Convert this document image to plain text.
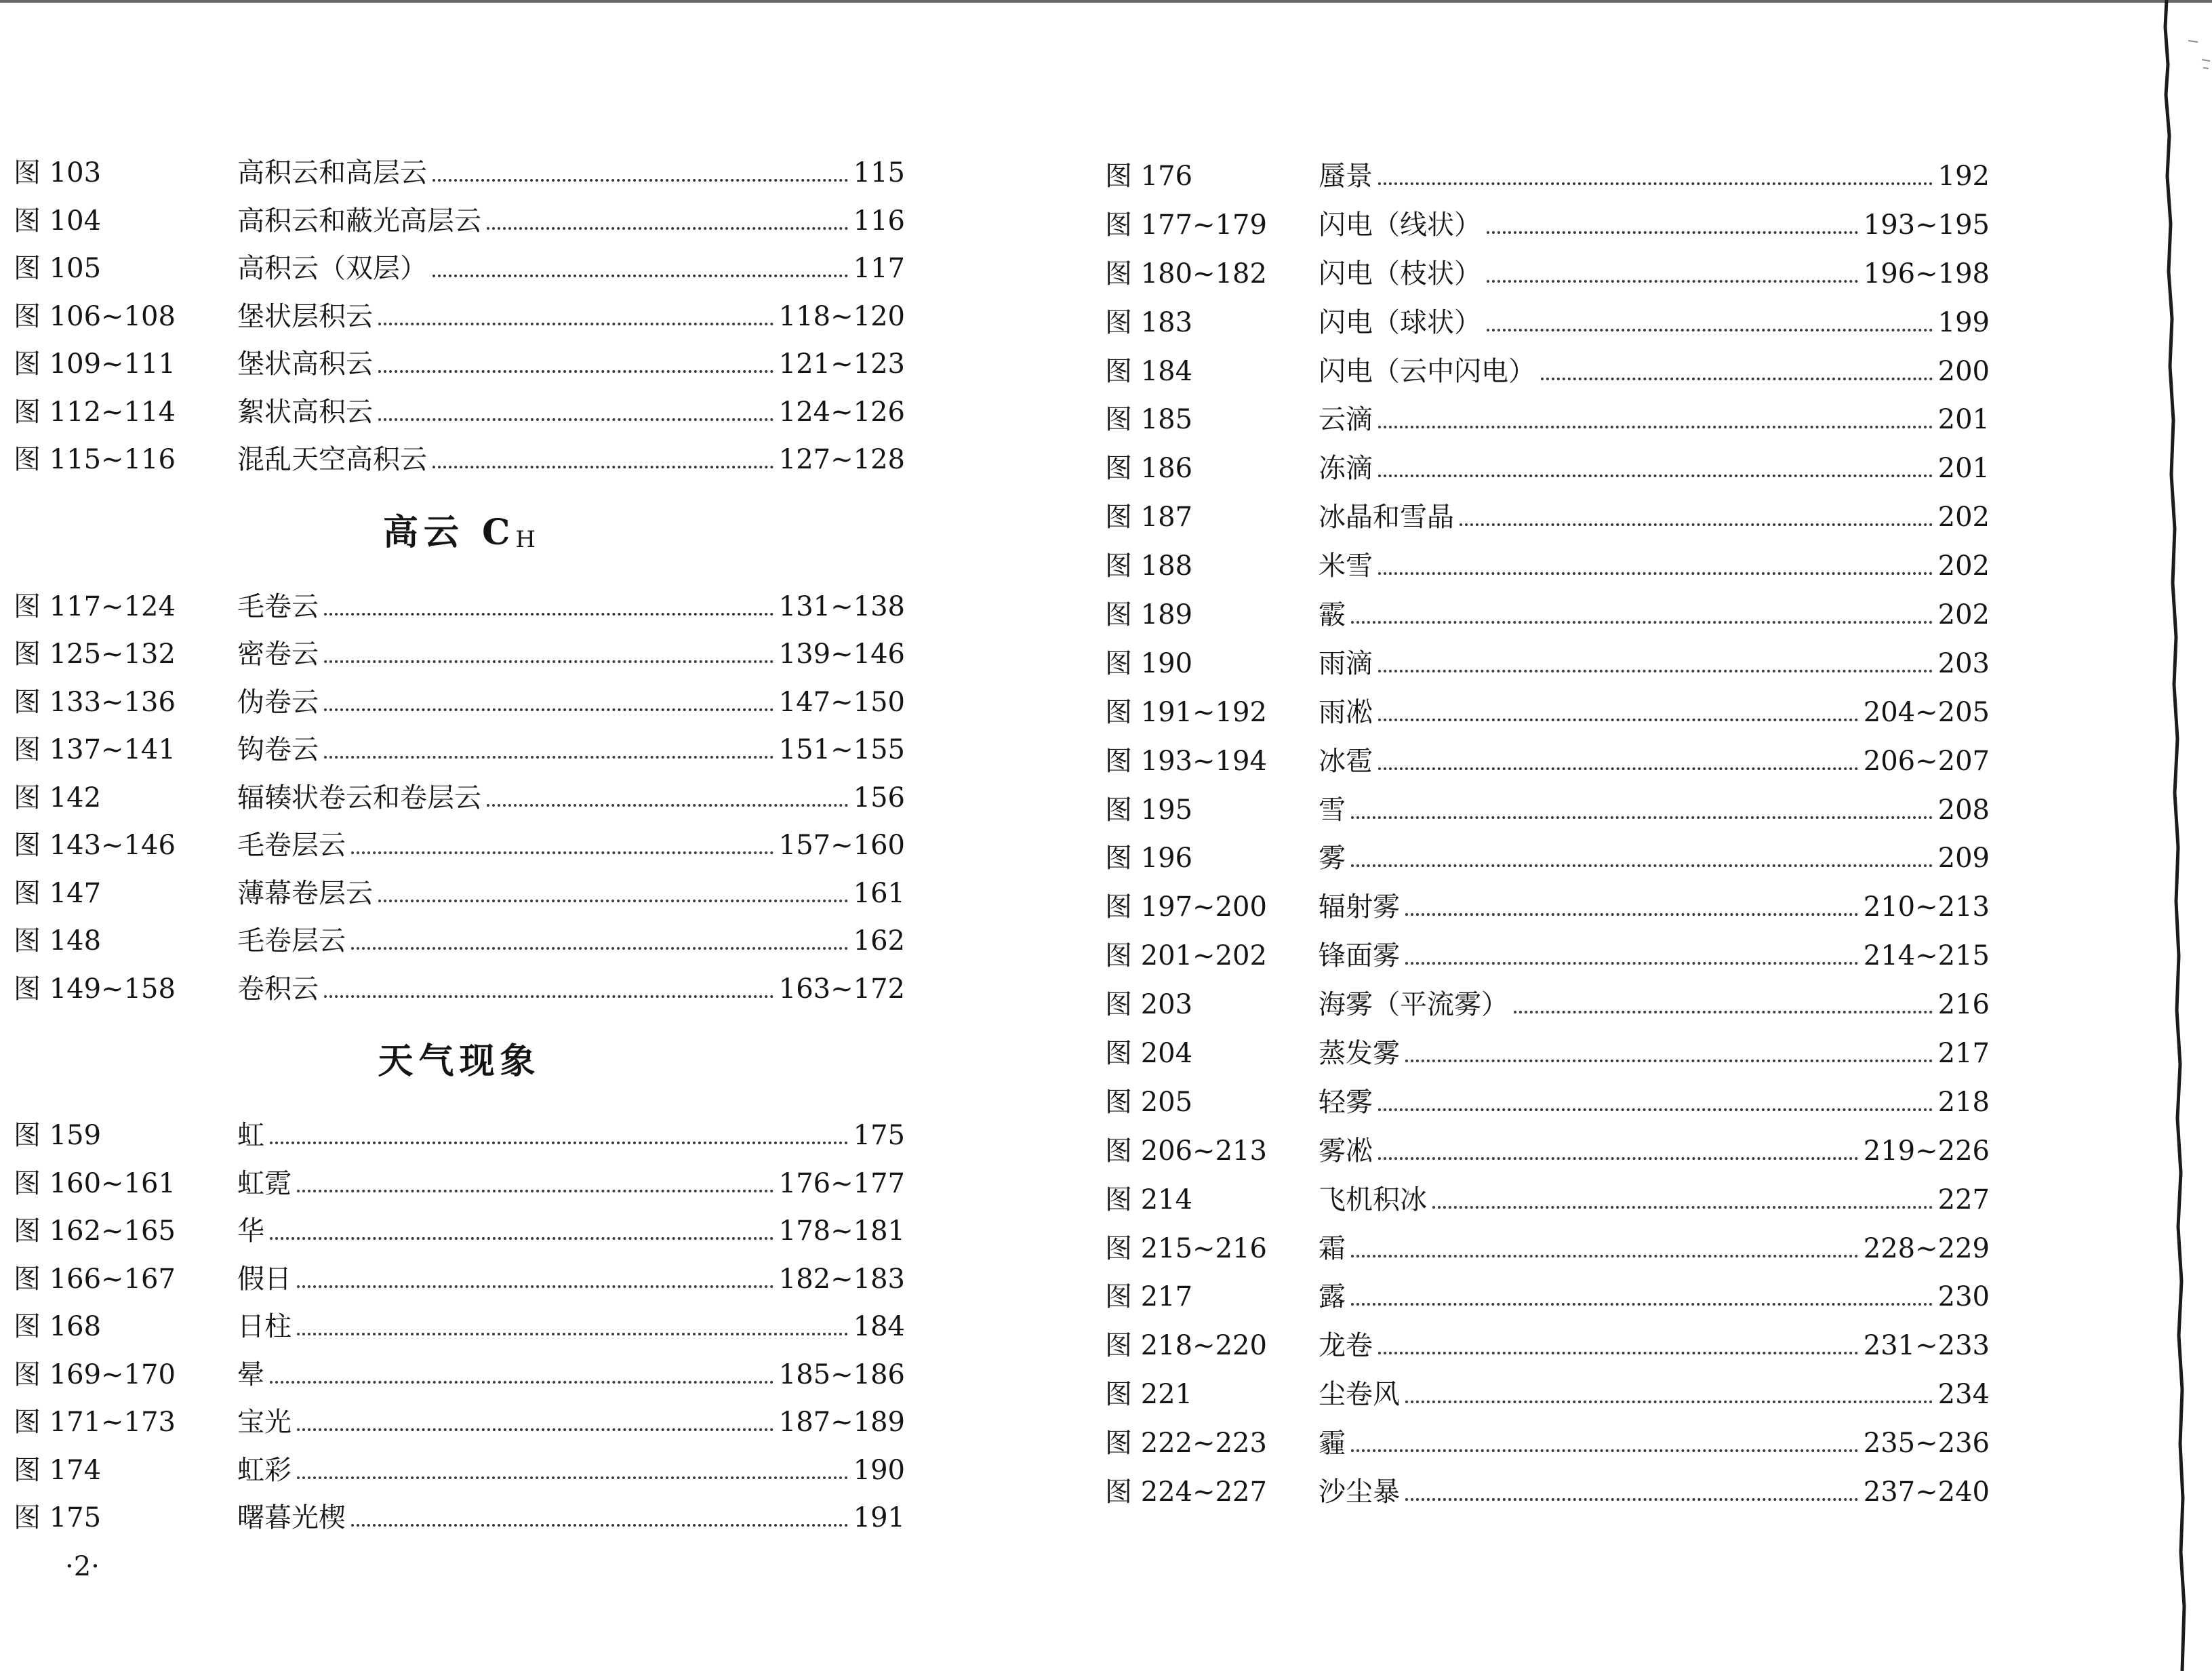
图 103	高积云和高层云	115
图 104	高积云和蔽光高层云	116
图 105	高积云（双层）	117
图 106~108	堡状层积云	118~120
图 109~111	堡状高积云	121~123
图 112~114	絮状高积云	124~126
图 115~116	混乱天空高积云	127~128
高云 $C_H$
图 117~124	毛卷云	131~138
图 125~132	密卷云	139~146
图 133~136	伪卷云	147~150
图 137~141	钩卷云	151~155
图 142	辐辏状卷云和卷层云	156
图 143~146	毛卷层云	157~160
图 147	薄幕卷层云	161
图 148	毛卷层云	162
图 149~158	卷积云	163~172
天气现象
图 159	虹	175
图 160~161	虹霓	176~177
图 162~165	华	178~181
图 166~167	假日	182~183
图 168	日柱	184
图 169~170	晕	185~186
图 171~173	宝光	187~189
图 174	虹彩	190
图 175	曙暮光楔	191
图 176	蜃景	192
图 177~179	闪电（线状）	193~195
图 180~182	闪电（枝状）	196~198
图 183	闪电（球状）	199
图 184	闪电（云中闪电）	200
图 185	云滴	201
图 186	冻滴	201
图 187	冰晶和雪晶	202
图 188	米雪	202
图 189	霰	202
图 190	雨滴	203
图 191~192	雨凇	204~205
图 193~194	冰雹	206~207
图 195	雪	208
图 196	雾	209
图 197~200	辐射雾	210~213
图 201~202	锋面雾	214~215
图 203	海雾（平流雾）	216
图 204	蒸发雾	217
图 205	轻雾	218
图 206~213	雾凇	219~226
图 214	飞机积冰	227
图 215~216	霜	228~229
图 217	露	230
图 218~220	龙卷	231~233
图 221	尘卷风	234
图 222~223	霾	235~236
图 224~227	沙尘暴	237~240
·2·
